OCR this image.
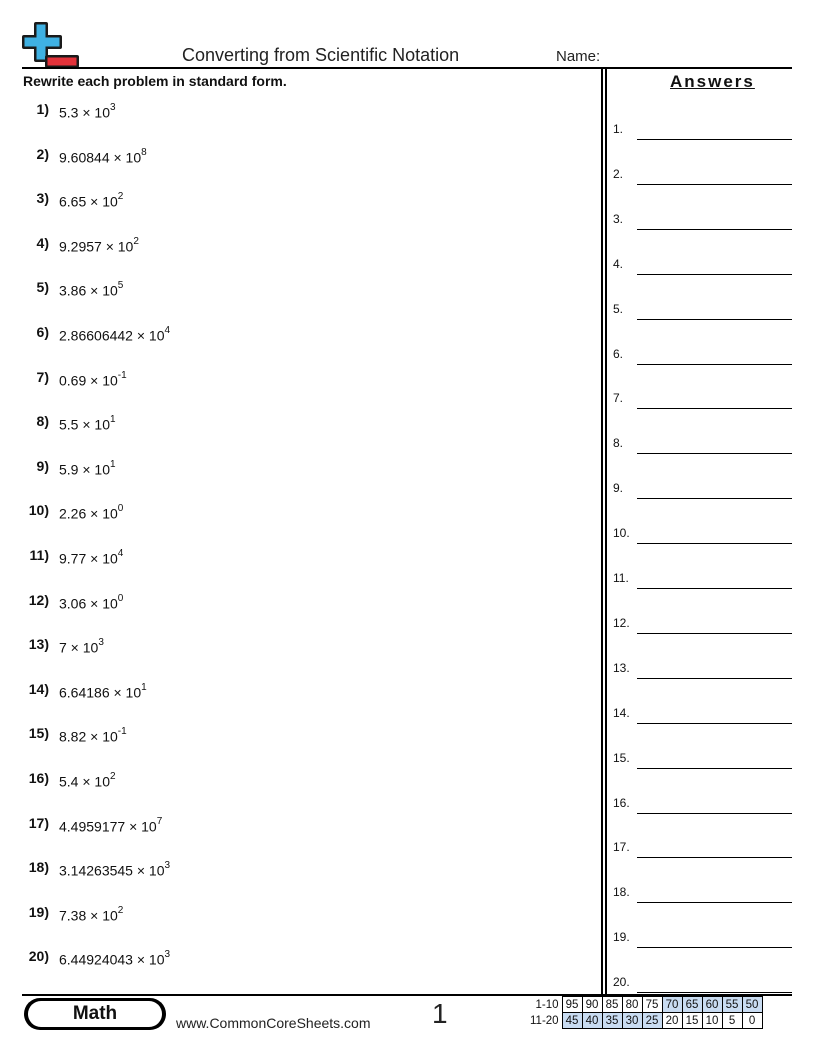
Converting from Scientific Notation	Name:
Rewrite each problem in standard form.
1) $5.3 \times 10^3$
2) $9.60844 \times 10^8$
3) $6.65 \times 10^2$
4) $9.2957 \times 10^2$
5) $3.86 \times 10^5$
6) $2.86606442 \times 10^4$
7) $0.69 \times 10^{-1}$
8) $5.5 \times 10^1$
9) $5.9 \times 10^1$
10) $2.26 \times 10^0$
11) $9.77 \times 10^4$
12) $3.06 \times 10^0$
13) $7 \times 10^3$
14) $6.64186 \times 10^1$
15) $8.82 \times 10^{-1}$
16) $5.4 \times 10^2$
17) $4.4959177 \times 10^7$
18) $3.14263545 \times 10^3$
19) $7.38 \times 10^2$
20) $6.44924043 \times 10^3$
Answers
1.
2.
3.
4.
5.
6.
7.
8.
9.
10.
11.
12.
13.
14.
15.
16.
17.
18.
19.
20.
Math	www.CommonCoreSheets.com 1	1-10	95	90	85	80	75	70	65	60	55	50
11-20	45	40	35	30	25	20	15	10	5	0
